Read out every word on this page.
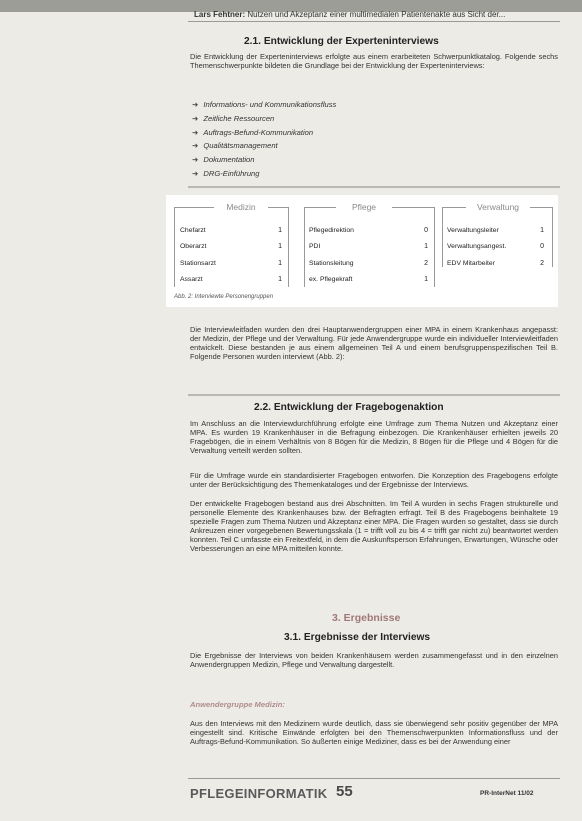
Lars Fehtner: Nutzen und Akzeptanz einer multimedialen Patientenakte aus Sicht der...
2.1. Entwicklung der Experteninterviews

Die Entwicklung der Experteninterviews erfolgte aus einem erarbeiteten Schwerpunktkatalog. Folgende sechs Themenschwerpunkte bildeten die Grundlage bei der Entwicklung der Experteninterviews:

➜ Informations- und Kommunikationsfluss
➜ Zeitliche Ressourcen
➜ Auftrags-Befund-Kommunikation
➜ Qualitätsmanagement
➜ Dokumentation
➜ DRG-Einführung
Medizin	Pflege	Verwaltung
Chefarzt	1
Oberarzt	1
Stationsarzt	1
Assarzt	1
Pflegedirektion	0
PDI	1
Stationsleitung	2
ex. Pflegekraft	1
Verwaltungsleiter	1
Verwaltungsangest.	0
EDV Mitarbeiter	2
Abb. 2: Interviewte Personengruppen

Die Interviewleitfaden wurden den drei Hauptanwendergruppen einer MPA in einem Krankenhaus angepasst: der Medizin, der Pflege und der Verwaltung. Für jede Anwendergruppe wurde ein individueller Interviewleitfaden entwickelt. Diese bestanden je aus einem allgemeinen Teil A und einem berufsgruppenspezifischen Teil B. Folgende Personen wurden interviewt (Abb. 2):

2.2. Entwicklung der Fragebogenaktion

Im Anschluss an die Interviewdurchführung erfolgte eine Umfrage zum Thema Nutzen und Akzeptanz einer MPA. Es wurden 19 Krankenhäuser in die Befragung einbezogen. Die Krankenhäuser erhielten jeweils 20 Fragebögen, die in einem Verhältnis von 8 Bögen für die Medizin, 8 Bögen für die Pflege und 4 Bögen für die Verwaltung verteilt werden sollten.

Für die Umfrage wurde ein standardisierter Fragebogen entworfen. Die Konzeption des Fragebogens erfolgte unter der Berücksichtigung des Themenkataloges und der Ergebnisse der Interviews.

Der entwickelte Fragebogen bestand aus drei Abschnitten. Im Teil A wurden in sechs Fragen strukturelle und personelle Elemente des Krankenhauses bzw. der Befragten erfragt. Teil B des Fragebogens beinhaltete 19 spezielle Fragen zum Thema Nutzen und Akzeptanz einer MPA. Die Fragen wurden so gestaltet, dass sie durch Ankreuzen einer vorgegebenen Bewertungsskala (1 = trifft voll zu bis 4 = trifft gar nicht zu) beantwortet werden konnten. Teil C umfasste ein Freitextfeld, in dem die Auskunftsperson Erfahrungen, Erwartungen, Wünsche oder Verbesserungen an eine MPA mitteilen konnte.

3. Ergebnisse
3.1. Ergebnisse der Interviews

Die Ergebnisse der Interviews von beiden Krankenhäusern werden zusammengefasst und in den einzelnen Anwendergruppen Medizin, Pflege und Verwaltung dargestellt.

Anwendergruppe Medizin:

Aus den Interviews mit den Medizinern wurde deutlich, dass sie überwiegend sehr positiv gegenüber der MPA eingestellt sind. Kritische Einwände erfolgten bei den Themenschwerpunkten Informationsfluss und der Auftrags-Befund-Kommunikation. So äußerten einige Mediziner, dass es bei der Anwendung einer

PFLEGEINFORMATIK 55	PR-InterNet 11/02
